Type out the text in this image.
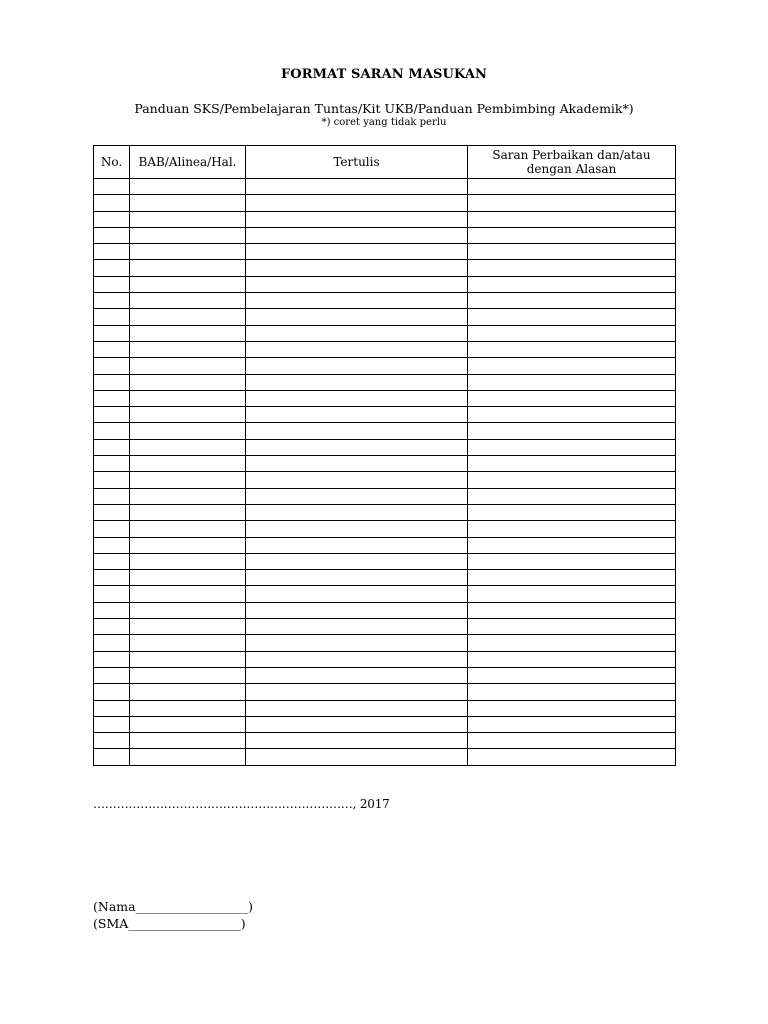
FORMAT SARAN MASUKAN
Panduan SKS/Pembelajaran Tuntas/Kit UKB/Panduan Pembimbing Akademik*)
*) coret yang tidak perlu
No.	BAB/Alinea/Hal.	Tertulis	Saran Perbaikan dan/atau dengan Alasan

…………………………………………………………, 2017
(Nama__________________)
(SMA__________________)
